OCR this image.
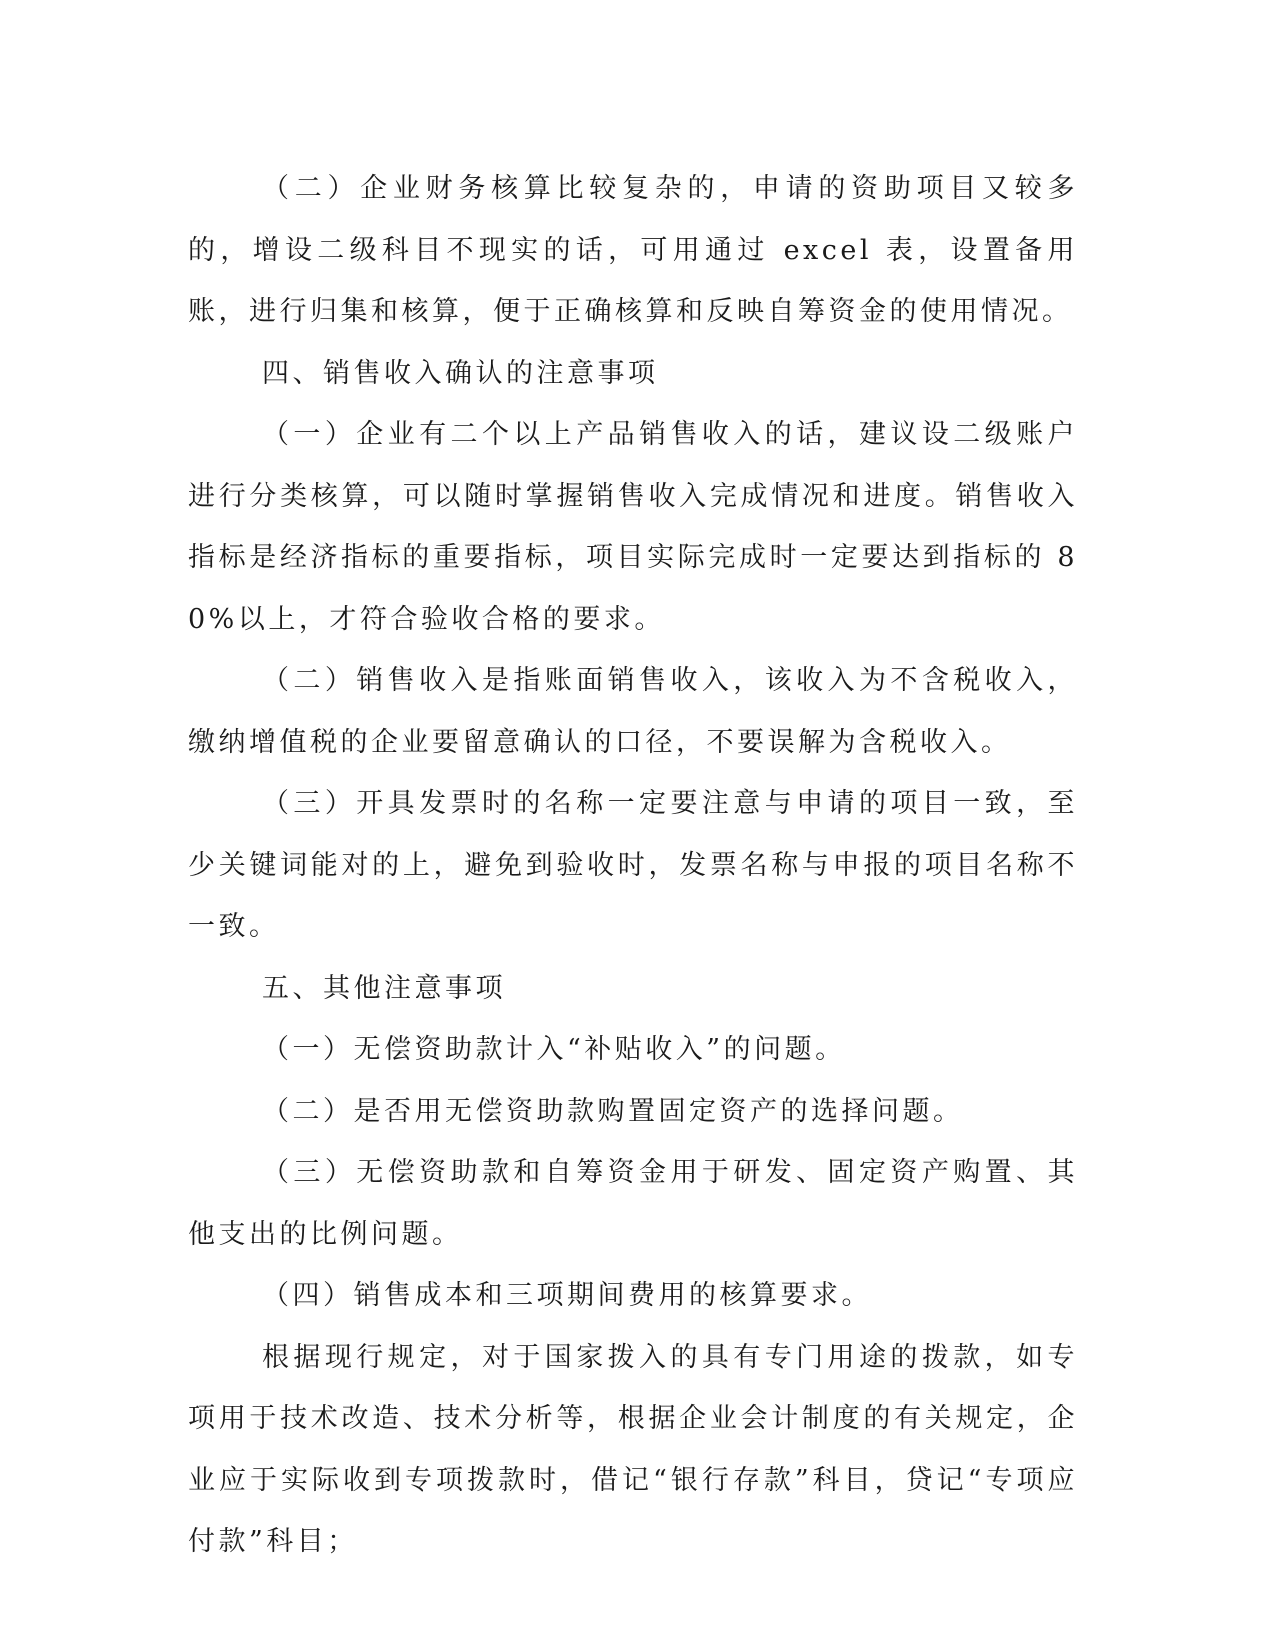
（二）企业财务核算比较复杂的，申请的资助项目又较多的，增设二级科目不现实的话，可用通过 excel 表，设置备用账，进行归集和核算，便于正确核算和反映自筹资金的使用情况。

四、销售收入确认的注意事项

（一）企业有二个以上产品销售收入的话，建议设二级账户进行分类核算，可以随时掌握销售收入完成情况和进度。销售收入指标是经济指标的重要指标，项目实际完成时一定要达到指标的 80%以上，才符合验收合格的要求。

（二）销售收入是指账面销售收入，该收入为不含税收入，缴纳增值税的企业要留意确认的口径，不要误解为含税收入。

（三）开具发票时的名称一定要注意与申请的项目一致，至少关键词能对的上，避免到验收时，发票名称与申报的项目名称不一致。

五、其他注意事项

（一）无偿资助款计入“补贴收入”的问题。

（二）是否用无偿资助款购置固定资产的选择问题。

（三）无偿资助款和自筹资金用于研发、固定资产购置、其他支出的比例问题。

（四）销售成本和三项期间费用的核算要求。

根据现行规定，对于国家拨入的具有专门用途的拨款，如专项用于技术改造、技术分析等，根据企业会计制度的有关规定，企业应于实际收到专项拨款时，借记“银行存款”科目，贷记“专项应付款”科目；
